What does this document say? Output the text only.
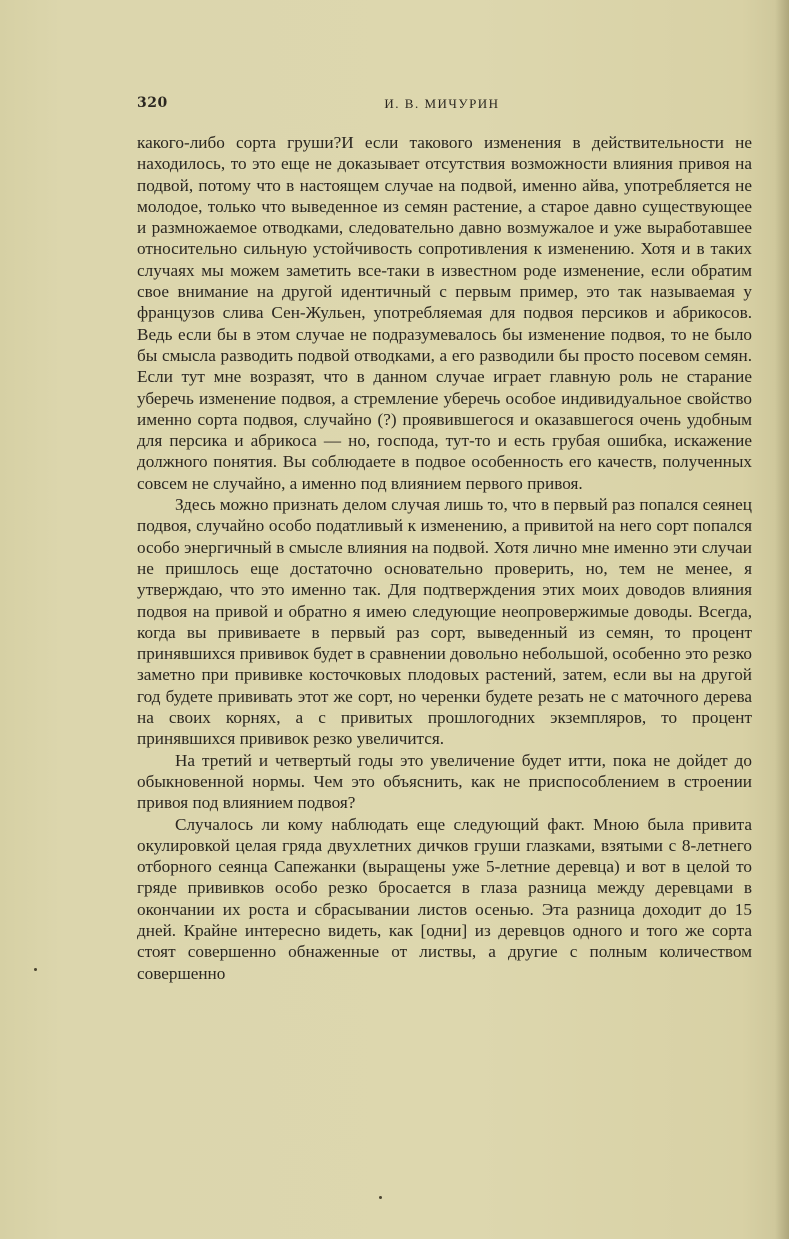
320	И. В. МИЧУРИН

какого-либо сорта груши?И если такового изменения в действительности не находилось, то это еще не доказывает отсутствия возможности влияния привоя на подвой, потому что в настоящем случае на подвой, именно айва, употребляется не молодое, только что выведенное из семян растение, а старое давно существующее и размножаемое отводками, следовательно давно возмужалое и уже выработавшее относительно сильную устойчивость сопротивления к изменению. Хотя и в таких случаях мы можем заметить все-таки в известном роде изменение, если обратим свое внимание на другой идентичный с первым пример, это так называемая у французов слива Сен-Жульен, употребляемая для подвоя персиков и абрикосов. Ведь если бы в этом случае не подразумевалось бы изменение подвоя, то не было бы смысла разводить подвой отводками, а его разводили бы просто посевом семян. Если тут мне возразят, что в данном случае играет главную роль не старание уберечь изменение подвоя, а стремление уберечь особое индивидуальное свойство именно сорта подвоя, случайно (?) проявившегося и оказавшегося очень удобным для персика и абрикоса — но, господа, тут-то и есть грубая ошибка, искажение должного понятия. Вы соблюдаете в подвое особенность его качеств, полученных совсем не случайно, а именно под влиянием первого привоя.

Здесь можно признать делом случая лишь то, что в первый раз попался сеянец подвоя, случайно особо податливый к изменению, а привитой на него сорт попался особо энергичный в смысле влияния на подвой. Хотя лично мне именно эти случаи не пришлось еще достаточно основательно проверить, но, тем не менее, я утверждаю, что это именно так. Для подтверждения этих моих доводов влияния подвоя на привой и обратно я имею следующие неопровержимые доводы. Всегда, когда вы прививаете в первый раз сорт, выведенный из семян, то процент принявшихся прививок будет в сравнении довольно небольшой, особенно это резко заметно при прививке косточковых плодовых растений, затем, если вы на другой год будете прививать этот же сорт, но черенки будете резать не с маточного дерева на своих корнях, а с привитых прошлогодних экземпляров, то процент принявшихся прививок резко увеличится.

На третий и четвертый годы это увеличение будет итти, пока не дойдет до обыкновенной нормы. Чем это объяснить, как не приспособлением в строении привоя под влиянием подвоя?

Случалось ли кому наблюдать еще следующий факт. Мною была привита окулировкой целая гряда двухлетних дичков груши глазками, взятыми с 8-летнего отборного сеянца Сапежанки (выращены уже 5-летние деревца) и вот в целой то гряде прививков особо резко бросается в глаза разница между деревцами в окончании их роста и сбрасывании листов осенью. Эта разница доходит до 15 дней. Крайне интересно видеть, как [одни] из деревцов одного и того же сорта стоят совершенно обнаженные от листвы, а другие с полным количеством совершенно
